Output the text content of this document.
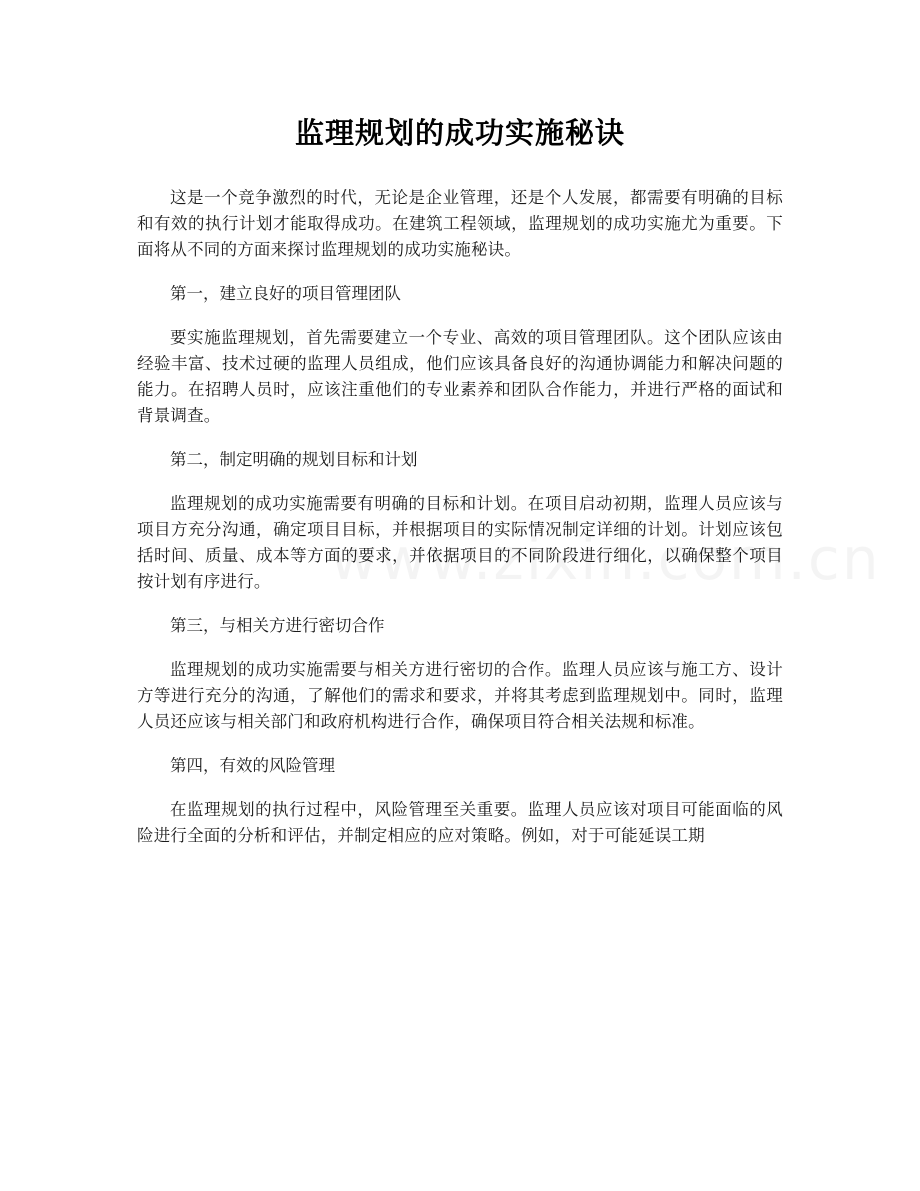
监理规划的成功实施秘诀

这是一个竞争激烈的时代，无论是企业管理，还是个人发展，都需要有明确的目标和有效的执行计划才能取得成功。在建筑工程领域，监理规划的成功实施尤为重要。下面将从不同的方面来探讨监理规划的成功实施秘诀。

第一，建立良好的项目管理团队

要实施监理规划，首先需要建立一个专业、高效的项目管理团队。这个团队应该由经验丰富、技术过硬的监理人员组成，他们应该具备良好的沟通协调能力和解决问题的能力。在招聘人员时，应该注重他们的专业素养和团队合作能力，并进行严格的面试和背景调查。

第二，制定明确的规划目标和计划

监理规划的成功实施需要有明确的目标和计划。在项目启动初期，监理人员应该与项目方充分沟通，确定项目目标，并根据项目的实际情况制定详细的计划。计划应该包括时间、质量、成本等方面的要求，并依据项目的不同阶段进行细化，以确保整个项目按计划有序进行。

第三，与相关方进行密切合作

监理规划的成功实施需要与相关方进行密切的合作。监理人员应该与施工方、设计方等进行充分的沟通，了解他们的需求和要求，并将其考虑到监理规划中。同时，监理人员还应该与相关部门和政府机构进行合作，确保项目符合相关法规和标准。

第四，有效的风险管理

在监理规划的执行过程中，风险管理至关重要。监理人员应该对项目可能面临的风险进行全面的分析和评估，并制定相应的应对策略。例如，对于可能延误工期
